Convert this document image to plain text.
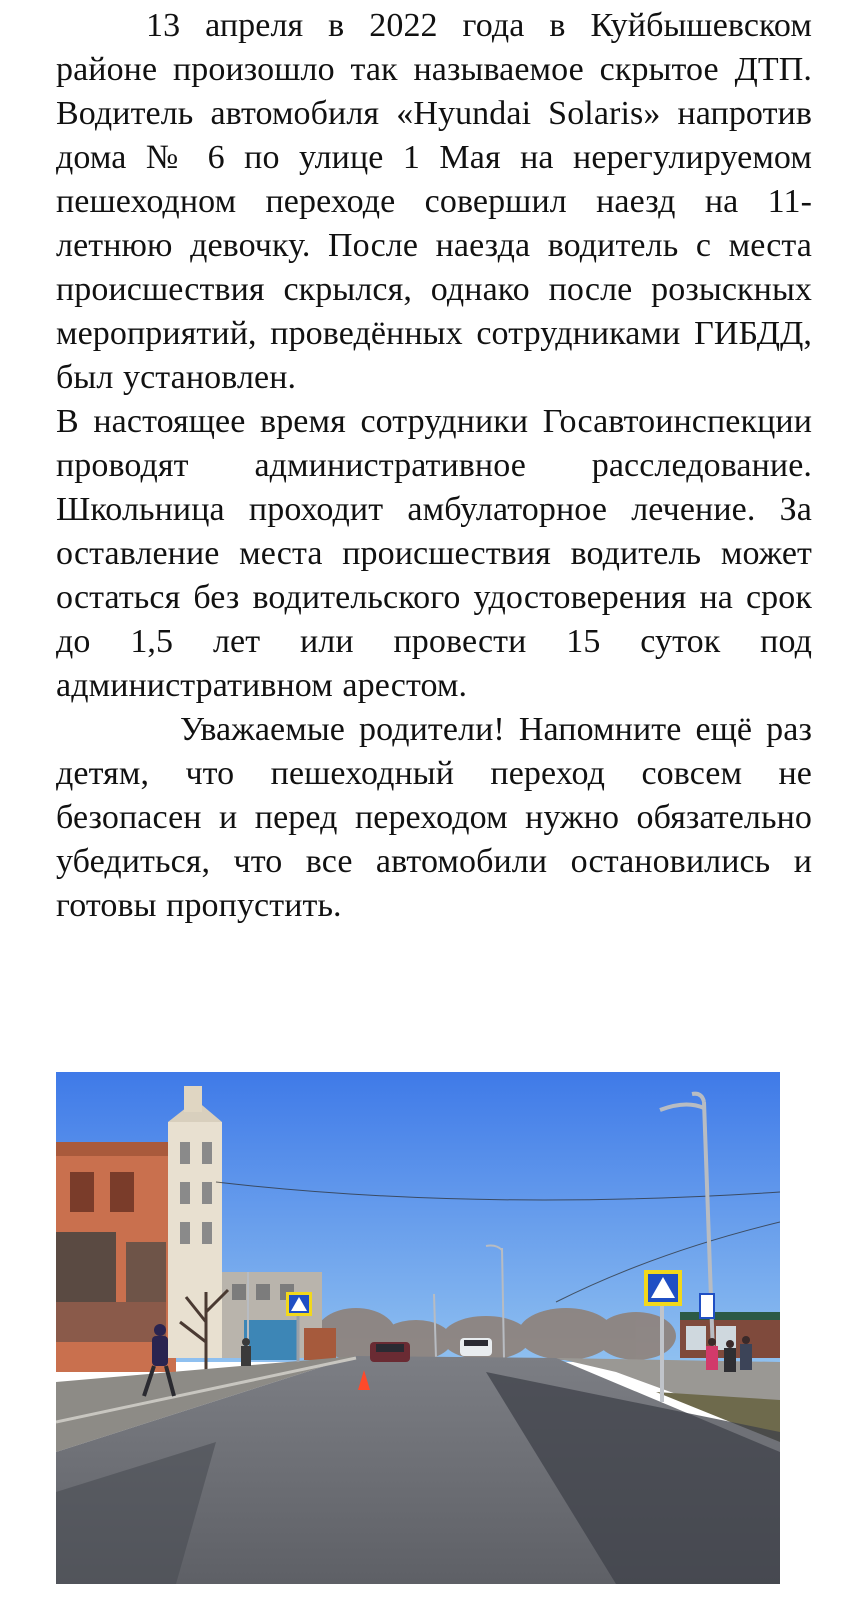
13 апреля в 2022 года в Куйбышевском районе произошло так называемое скрытое ДТП. Водитель автомобиля «Hyundai Solaris» напротив дома № 6 по улице 1 Мая на нерегулируемом пешеходном переходе совершил наезд на 11-летнюю девочку. После наезда водитель с места происшествия скрылся, однако после розыскных мероприятий, проведённых сотрудниками ГИБДД, был установлен.

В настоящее время сотрудники Госавтоинспекции проводят административное расследование. Школьница проходит амбулаторное лечение. За оставление места происшествия водитель может остаться без водительского удостоверения на срок до 1,5 лет или провести 15 суток под административном арестом.

Уважаемые родители! Напомните ещё раз детям, что пешеходный переход совсем не безопасен и перед переходом нужно обязательно убедиться, что все автомобили остановились и готовы пропустить.
